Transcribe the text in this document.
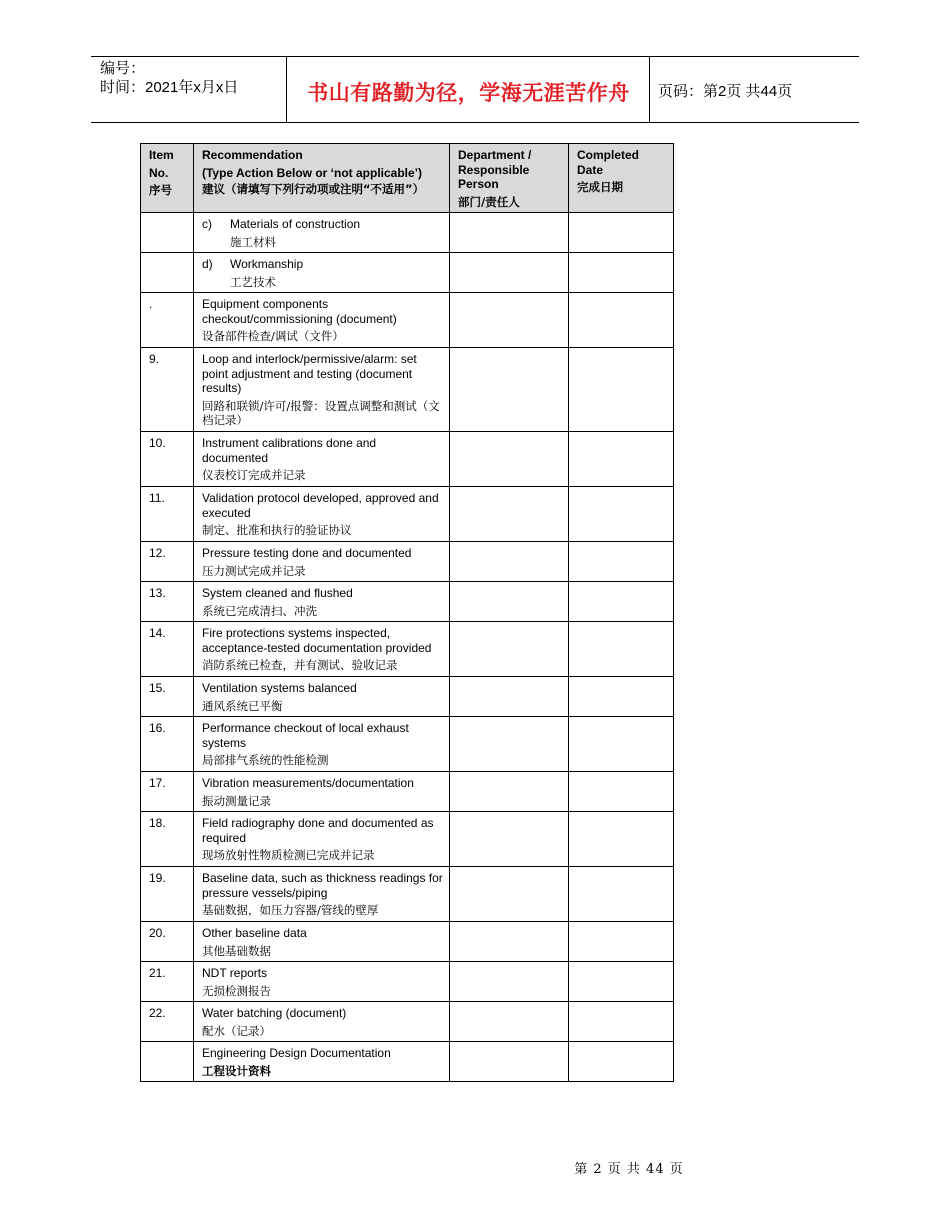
编号：
时间：2021年x月x日	书山有路勤为径，学海无涯苦作舟	页码：第2页 共44页
Item
No.
序号	Recommendation
(Type Action Below or ‘not applicable’)
建议（请填写下列行动项或注明“不适用”）	Department / Responsible Person
部门/责任人	Completed Date
完成日期

	c) Materials of construction
施工材料		

	d) Workmanship
工艺技术		

.	Equipment components checkout/commissioning (document)
设备部件检查/调试（文件）		

9.	Loop and interlock/permissive/alarm: set point adjustment and testing (document results)
回路和联锁/许可/报警：设置点调整和测试（文档记录）		

10.	Instrument calibrations done and documented
仪表校订完成并记录		

11.	Validation protocol developed, approved and executed
制定、批准和执行的验证协议		

12.	Pressure testing done and documented
压力测试完成并记录		

13.	System cleaned and flushed
系统已完成清扫、冲洗		

14.	Fire protections systems inspected, acceptance-tested documentation provided
消防系统已检查，并有测试、验收记录		

15.	Ventilation systems balanced
通风系统已平衡		

16.	Performance checkout of local exhaust systems
局部排气系统的性能检测		

17.	Vibration measurements/documentation
振动测量记录		

18.	Field radiography done and documented as required
现场放射性物质检测已完成并记录		

19.	Baseline data, such as thickness readings for pressure vessels/piping
基础数据，如压力容器/管线的壁厚		

20.	Other baseline data
其他基础数据		

21.	NDT reports
无损检测报告		

22.	Water batching (document)
配水（记录）		

	Engineering Design Documentation
工程设计资料		

第 2 页 共 44 页
